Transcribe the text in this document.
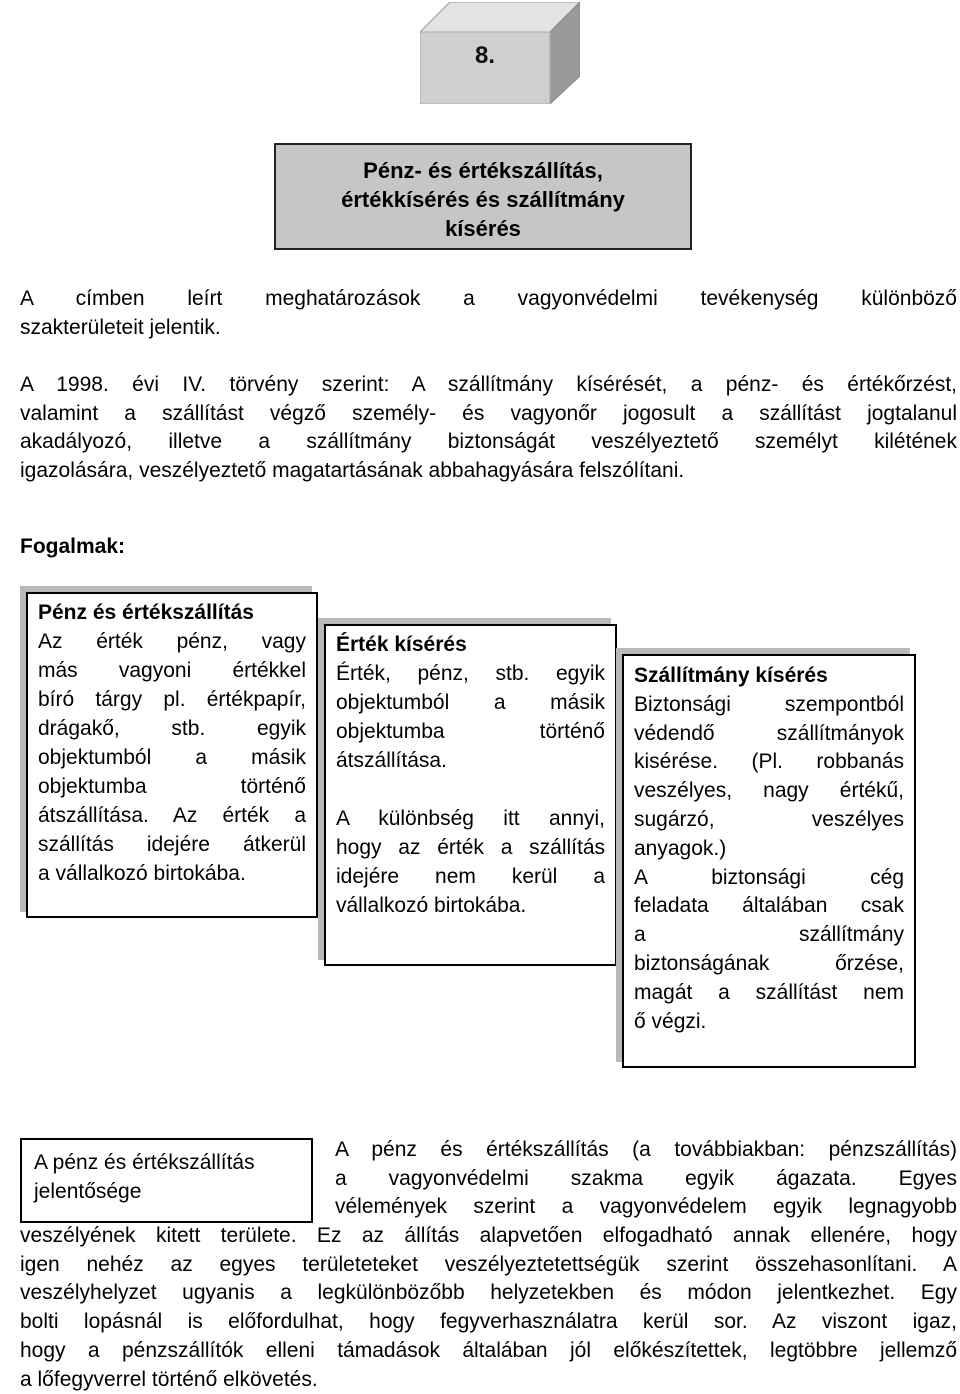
8.
Pénz- és értékszállítás,
értékkísérés és szállítmány
kísérés
A címben leírt meghatározások a vagyonvédelmi tevékenység különböző
szakterületeit jelentik.
A 1998. évi IV. törvény szerint: A szállítmány kísérését, a pénz- és értékőrzést,
valamint a szállítást végző személy- és vagyonőr jogosult a szállítást jogtalanul
akadályozó, illetve a szállítmány biztonságát veszélyeztető személyt kilétének
igazolására, veszélyeztető magatartásának abbahagyására felszólítani.
Fogalmak:
Pénz és értékszállítás
Az érték pénz, vagy
más vagyoni értékkel
bíró tárgy pl. értékpapír,
drágakő, stb. egyik
objektumból a másik
objektumba történő
átszállítása. Az érték a
szállítás idejére átkerül
a vállalkozó birtokába.
Érték kísérés
Érték, pénz, stb. egyik
objektumból a másik
objektumba történő
átszállítása.
A különbség itt annyi,
hogy az érték a szállítás
idejére nem kerül a
vállalkozó birtokába.
Szállítmány kísérés
Biztonsági szempontból
védendő szállítmányok
kisérése. (Pl. robbanás
veszélyes, nagy értékű,
sugárzó, veszélyes
anyagok.)
A biztonsági cég
feladata általában csak
a szállítmány
biztonságának őrzése,
magát a szállítást nem
ő végzi.
A pénz és értékszállítás
jelentősége
A pénz és értékszállítás (a továbbiakban: pénzszállítás)
a vagyonvédelmi szakma egyik ágazata. Egyes
vélemények szerint a vagyonvédelem egyik legnagyobb
veszélyének kitett területe. Ez az állítás alapvetően elfogadható annak ellenére, hogy
igen nehéz az egyes területeteket veszélyeztetettségük szerint összehasonlítani. A
veszélyhelyzet ugyanis a legkülönbözőbb helyzetekben és módon jelentkezhet. Egy
bolti lopásnál is előfordulhat, hogy fegyverhasználatra kerül sor. Az viszont igaz,
hogy a pénzszállítók elleni támadások általában jól előkészítettek, legtöbbre jellemző
a lőfegyverrel történő elkövetés.
